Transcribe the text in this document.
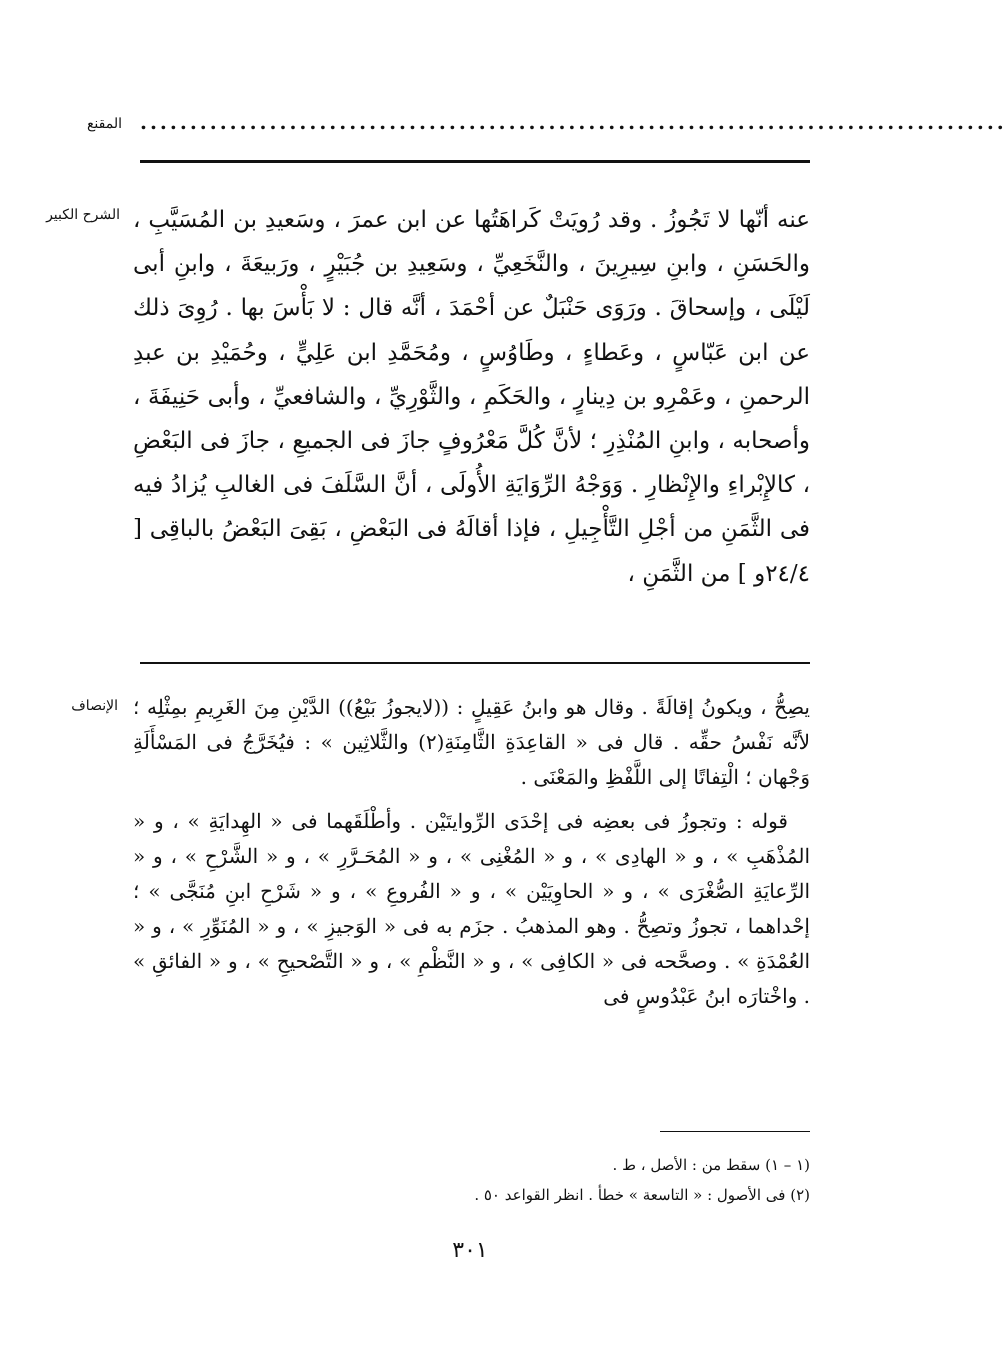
المقنع .......................................................................................
الشرح الكبير عنه أنّها لا تَجُوزُ . وقد رُويَتْ كَراهَتُها عن ابن عمرَ ، وسَعيدِ بن المُسَيَّبِ ، والحَسَنِ ، وابنِ سِيرِينَ ، والنَّخَعِيِّ ، وسَعِيدِ بن جُبَيْرٍ ، ورَبيعَةَ ، وابنِ أبى لَيْلَى ، وإسحاقَ . ورَوَى حَنْبَلٌ عن أحْمَدَ ، أنَّه قال : لا بَأْسَ بها . رُوِىَ ذلك عن ابن عَبّاسٍ ، وعَطاءٍ ، وطَاوُسٍ ، ومُحَمَّدِ ابن عَلِيٍّ ، وحُمَيْدِ بن عبدِ الرحمنِ ، وعَمْرِو بن دِينارٍ ، والحَكَمِ ، والثَّوْرِيِّ ، والشافعيِّ ، وأبى حَنِيفَةَ ، وأصحابه ، وابنِ المُنْذِرِ ؛ لأنَّ كُلَّ مَعْرُوفٍ جازَ فى الجميعِ ، جازَ فى البَعْضِ ، كالإِبْراءِ والإِنْظارِ . وَوَجْهُ الرِّوَايَةِ الأُولَى ، أنَّ السَّلَفَ فى الغالبِ يُزادُ فيه فى الثَّمَنِ من أجْلِ التَّأْجِيلِ ، فإذا أقالَهُ فى البَعْضِ ، بَقِىَ البَعْضُ بالباقِى [ ٢٤/٤و ] من الثَّمَنِ ،
الإنصاف يصِحُّ ، ويكونُ إقالَةً . وقال هو وابنُ عَقِيلٍ : ((لايجوزُ بَيْعُ)) الدَّيْنِ مِنَ الغَرِيمِ بمِثْلِه ؛ لأنَّه نَفْسُ حقِّه . قال فى « القاعِدَةِ الثَّامِنَةِ(٢) والثَّلاثِين » : فيُخَرَّجُ فى المَسْأَلَةِ وَجْهان ؛ الْتِفاتًا إلى اللَّفْظِ والمَعْنَى .

قوله : وتجوزُ فى بعضِه فى إحْدَى الرِّوايتَيْن . وأطْلَقَهما فى « الهِدايَةِ » ، و « المُذْهَبِ » ، و « الهادِى » ، و « المُغْنِى » ، و « المُحَـرَّرِ » ، و « الشَّرْحِ » ، و « الرِّعايَةِ الصُّغْرَى » ، و « الحاوِيَيْن » ، و « الفُروعِ » ، و « شَرْحِ ابنِ مُنَجَّى » ؛ إحْداهما ، تجوزُ وتصِحُّ . وهو المذهبُ . جزَم به فى « الوَجيزِ » ، و « المُنَوِّرِ » ، و « العُمْدَةِ » . وصحَّحه فى « الكافِى » ، و « النَّظْمِ » ، و « التَّصْحيحِ » ، و « الفائقِ » . واخْتارَه ابنُ عَبْدُوسٍ فى

(١ – ١) سقط من : الأصل ، ط .
(٢) فى الأصول : « التاسعة » خطأ . انظر القواعد ٥٠ .
٣٠١
